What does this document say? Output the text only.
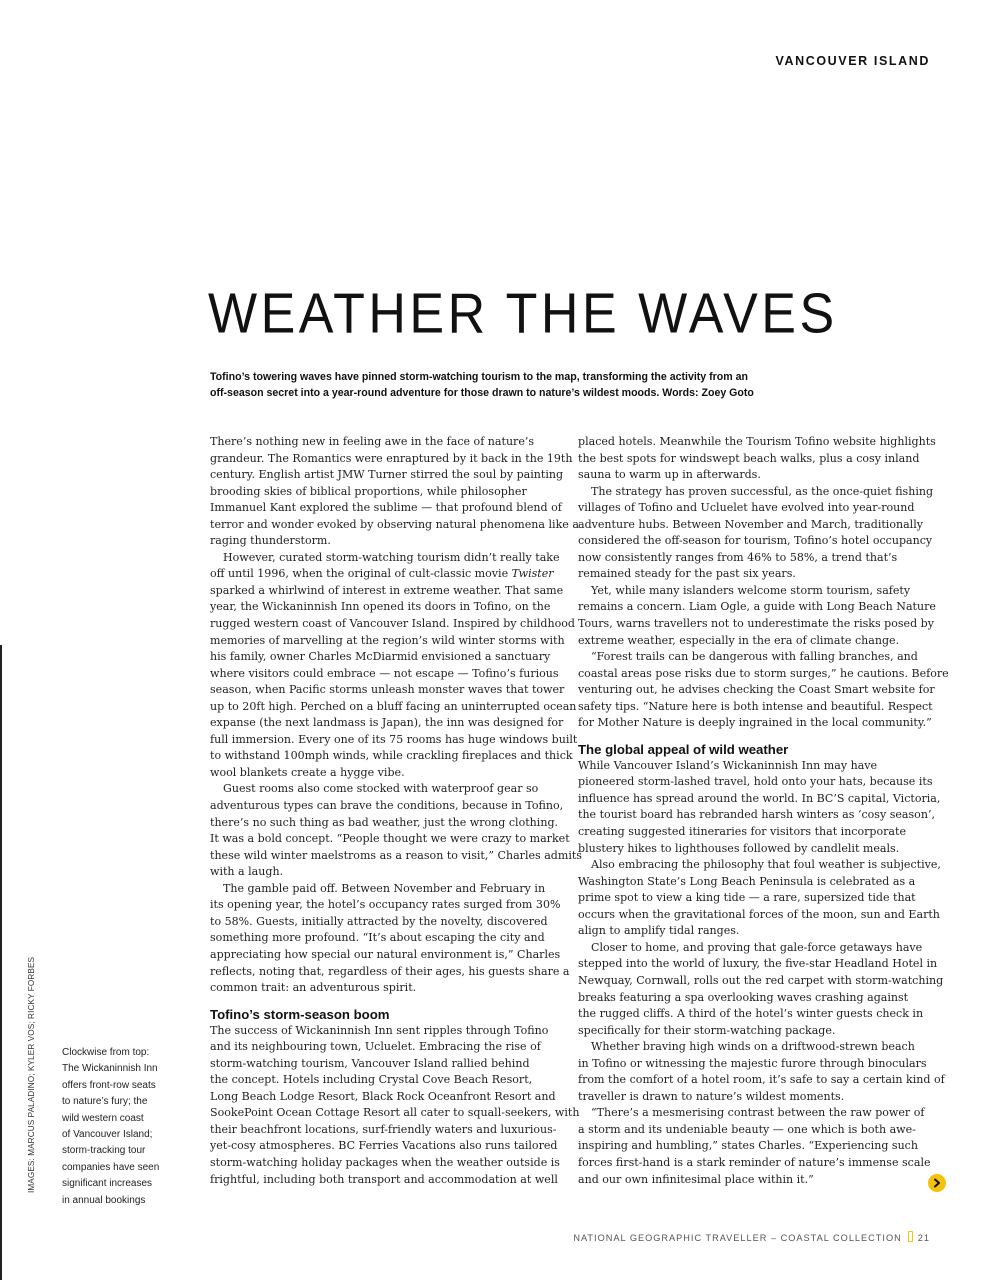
VANCOUVER ISLAND
WEATHER THE WAVES

Tofino’s towering waves have pinned storm-watching tourism to the map, transforming the activity from an
off-season secret into a year-round adventure for those drawn to nature’s wildest moods. Words: Zoey Goto

There’s nothing new in feeling awe in the face of nature’s
grandeur. The Romantics were enraptured by it back in the 19th
century. English artist JMW Turner stirred the soul by painting
brooding skies of biblical proportions, while philosopher
Immanuel Kant explored the sublime — that profound blend of
terror and wonder evoked by observing natural phenomena like a
raging thunderstorm.
However, curated storm-watching tourism didn’t really take
off until 1996, when the original of cult-classic movie Twister
sparked a whirlwind of interest in extreme weather. That same
year, the Wickaninnish Inn opened its doors in Tofino, on the
rugged western coast of Vancouver Island. Inspired by childhood
memories of marvelling at the region’s wild winter storms with
his family, owner Charles McDiarmid envisioned a sanctuary
where visitors could embrace — not escape — Tofino’s furious
season, when Pacific storms unleash monster waves that tower
up to 20ft high. Perched on a bluff facing an uninterrupted ocean
expanse (the next landmass is Japan), the inn was designed for
full immersion. Every one of its 75 rooms has huge windows built
to withstand 100mph winds, while crackling fireplaces and thick
wool blankets create a hygge vibe.
Guest rooms also come stocked with waterproof gear so
adventurous types can brave the conditions, because in Tofino,
there’s no such thing as bad weather, just the wrong clothing.
It was a bold concept. “People thought we were crazy to market
these wild winter maelstroms as a reason to visit,” Charles admits
with a laugh.
The gamble paid off. Between November and February in
its opening year, the hotel’s occupancy rates surged from 30%
to 58%. Guests, initially attracted by the novelty, discovered
something more profound. “It’s about escaping the city and
appreciating how special our natural environment is,” Charles
reflects, noting that, regardless of their ages, his guests share a
common trait: an adventurous spirit.
Tofino’s storm-season boom
The success of Wickaninnish Inn sent ripples through Tofino
and its neighbouring town, Ucluelet. Embracing the rise of
storm-watching tourism, Vancouver Island rallied behind
the concept. Hotels including Crystal Cove Beach Resort,
Long Beach Lodge Resort, Black Rock Oceanfront Resort and
SookePoint Ocean Cottage Resort all cater to squall-seekers, with
their beachfront locations, surf-friendly waters and luxurious-
yet-cosy atmospheres. BC Ferries Vacations also runs tailored
storm-watching holiday packages when the weather outside is
frightful, including both transport and accommodation at well
placed hotels. Meanwhile the Tourism Tofino website highlights
the best spots for windswept beach walks, plus a cosy inland
sauna to warm up in afterwards.
The strategy has proven successful, as the once-quiet fishing
villages of Tofino and Ucluelet have evolved into year-round
adventure hubs. Between November and March, traditionally
considered the off-season for tourism, Tofino’s hotel occupancy
now consistently ranges from 46% to 58%, a trend that’s
remained steady for the past six years.
Yet, while many islanders welcome storm tourism, safety
remains a concern. Liam Ogle, a guide with Long Beach Nature
Tours, warns travellers not to underestimate the risks posed by
extreme weather, especially in the era of climate change.
“Forest trails can be dangerous with falling branches, and
coastal areas pose risks due to storm surges,” he cautions. Before
venturing out, he advises checking the Coast Smart website for
safety tips. “Nature here is both intense and beautiful. Respect
for Mother Nature is deeply ingrained in the local community.”
The global appeal of wild weather
While Vancouver Island’s Wickaninnish Inn may have
pioneered storm-lashed travel, hold onto your hats, because its
influence has spread around the world. In BC’S capital, Victoria,
the tourist board has rebranded harsh winters as ‘cosy season’,
creating suggested itineraries for visitors that incorporate
blustery hikes to lighthouses followed by candlelit meals.
Also embracing the philosophy that foul weather is subjective,
Washington State’s Long Beach Peninsula is celebrated as a
prime spot to view a king tide — a rare, supersized tide that
occurs when the gravitational forces of the moon, sun and Earth
align to amplify tidal ranges.
Closer to home, and proving that gale-force getaways have
stepped into the world of luxury, the five-star Headland Hotel in
Newquay, Cornwall, rolls out the red carpet with storm-watching
breaks featuring a spa overlooking waves crashing against
the rugged cliffs. A third of the hotel’s winter guests check in
specifically for their storm-watching package.
Whether braving high winds on a driftwood-strewn beach
in Tofino or witnessing the majestic furore through binoculars
from the comfort of a hotel room, it’s safe to say a certain kind of
traveller is drawn to nature’s wildest moments.
“There’s a mesmerising contrast between the raw power of
a storm and its undeniable beauty — one which is both awe-
inspiring and humbling,” states Charles. “Experiencing such
forces first-hand is a stark reminder of nature’s immense scale
and our own infinitesimal place within it.”
IMAGES: MARCUS PALADINO; KYLER VOS; RICKY FORBES	Clockwise from top:
The Wickaninnish Inn
offers front-row seats
to nature’s fury; the
wild western coast
of Vancouver Island;
storm-tracking tour
companies have seen
significant increases
in annual bookings
NATIONAL GEOGRAPHIC TRAVELLER – COASTAL COLLECTION 21
